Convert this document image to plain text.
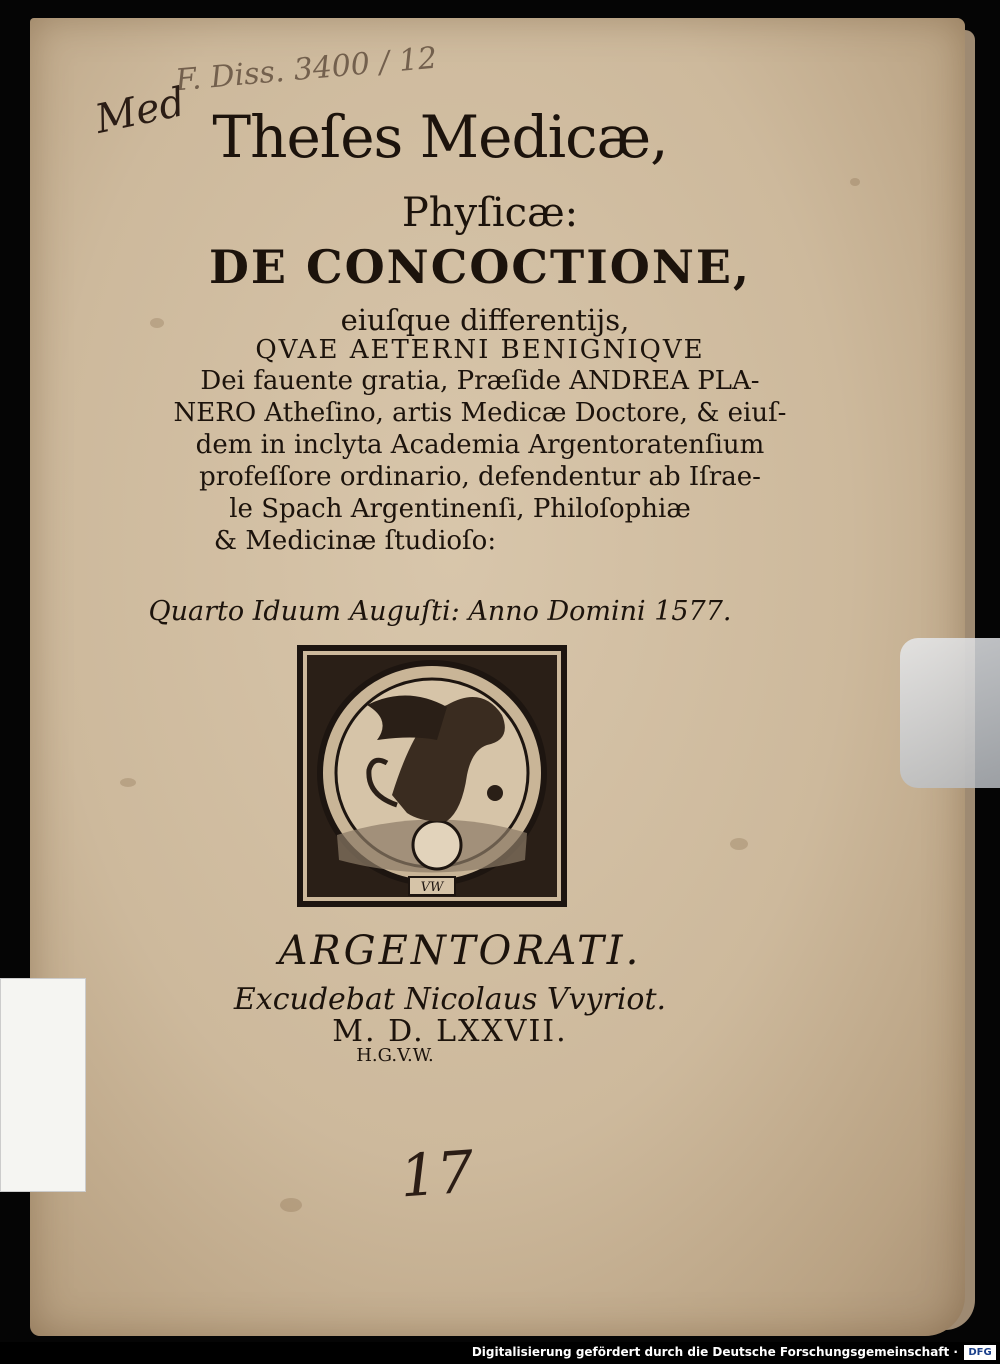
F. Diss. 3400 / 12
Med Theſes Medicæ,
Phyſicæ:
DE CONCOCTIONE,
eiuſque differentijs,
QVAE AETERNI BENIGNIQVE
Dei fauente gratia, Præſide ANDREA PLA-
NERO Atheſino, artis Medicæ Doctore, & eiuſ-
dem in inclyta Academia Argentoratenſium
profeſſore ordinario, defendentur ab Iſrae-
le Spach Argentinenſi, Philoſophiæ
& Medicinæ ſtudioſo:
Quarto Iduum Auguſti: Anno Domini 1577.
VW
ARGENTORATI.
Excudebat Nicolaus Vvyriot.
M. D. LXXVII.
H.G.V.W.
17
Digitalisierung gefördert durch die Deutsche Forschungsgemeinschaft ·	DFG
